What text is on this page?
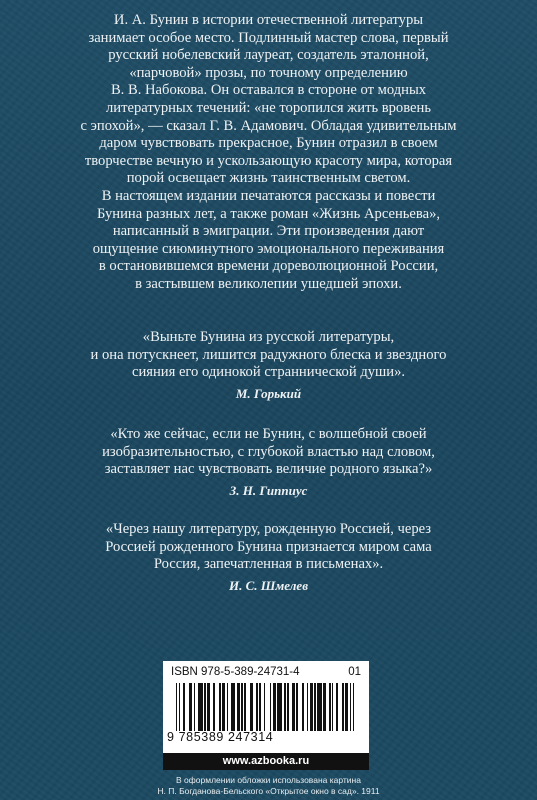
И. А. Бунин в истории отечественной литературы
занимает особое место. Подлинный мастер слова, первый
русский нобелевский лауреат, создатель эталонной,
«парчовой» прозы, по точному определению
В. В. Набокова. Он оставался в стороне от модных
литературных течений: «не торопился жить вровень
с эпохой», — сказал Г. В. Адамович. Обладая удивительным
даром чувствовать прекрасное, Бунин отразил в своем
творчестве вечную и ускользающую красоту мира, которая
порой освещает жизнь таинственным светом.
В настоящем издании печатаются рассказы и повести
Бунина разных лет, а также роман «Жизнь Арсеньева»,
написанный в эмиграции. Эти произведения дают
ощущение сиюминутного эмоционального переживания
в остановившемся времени дореволюционной России,
в застывшем великолепии ушедшей эпохи.

«Выньте Бунина из русской литературы,
и она потускнеет, лишится радужного блеска и звездного
сияния его одинокой страннической души».
М. Горький

«Кто же сейчас, если не Бунин, с волшебной своей
изобразительностью, с глубокой властью над словом,
заставляет нас чувствовать величие родного языка?»
З. Н. Гиппиус

«Через нашу литературу, рожденную Россией, через
Россией рожденного Бунина признается миром сама
Россия, запечатленная в письменах».
И. С. Шмелев

ISBN 978-5-389-24731-4	01
9 785389 247314
www.azbooka.ru
В оформлении обложки использована картина
Н. П. Богданова-Бельского «Открытое окно в сад». 1911
